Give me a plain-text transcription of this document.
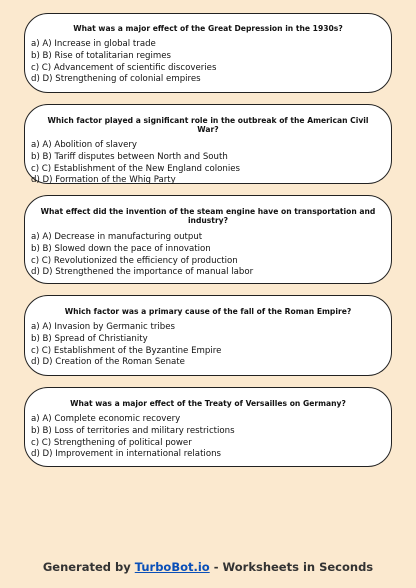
What was a major effect of the Great Depression in the 1930s?

a) A) Increase in global trade
b) B) Rise of totalitarian regimes
c) C) Advancement of scientific discoveries
d) D) Strengthening of colonial empires

Which factor played a significant role in the outbreak of the American Civil War?

a) A) Abolition of slavery
b) B) Tariff disputes between North and South
c) C) Establishment of the New England colonies
d) D) Formation of the Whig Party

What effect did the invention of the steam engine have on transportation and industry?

a) A) Decrease in manufacturing output
b) B) Slowed down the pace of innovation
c) C) Revolutionized the efficiency of production
d) D) Strengthened the importance of manual labor

Which factor was a primary cause of the fall of the Roman Empire?

a) A) Invasion by Germanic tribes
b) B) Spread of Christianity
c) C) Establishment of the Byzantine Empire
d) D) Creation of the Roman Senate

What was a major effect of the Treaty of Versailles on Germany?

a) A) Complete economic recovery
b) B) Loss of territories and military restrictions
c) C) Strengthening of political power
d) D) Improvement in international relations
Generated by TurboBot.io - Worksheets in Seconds
